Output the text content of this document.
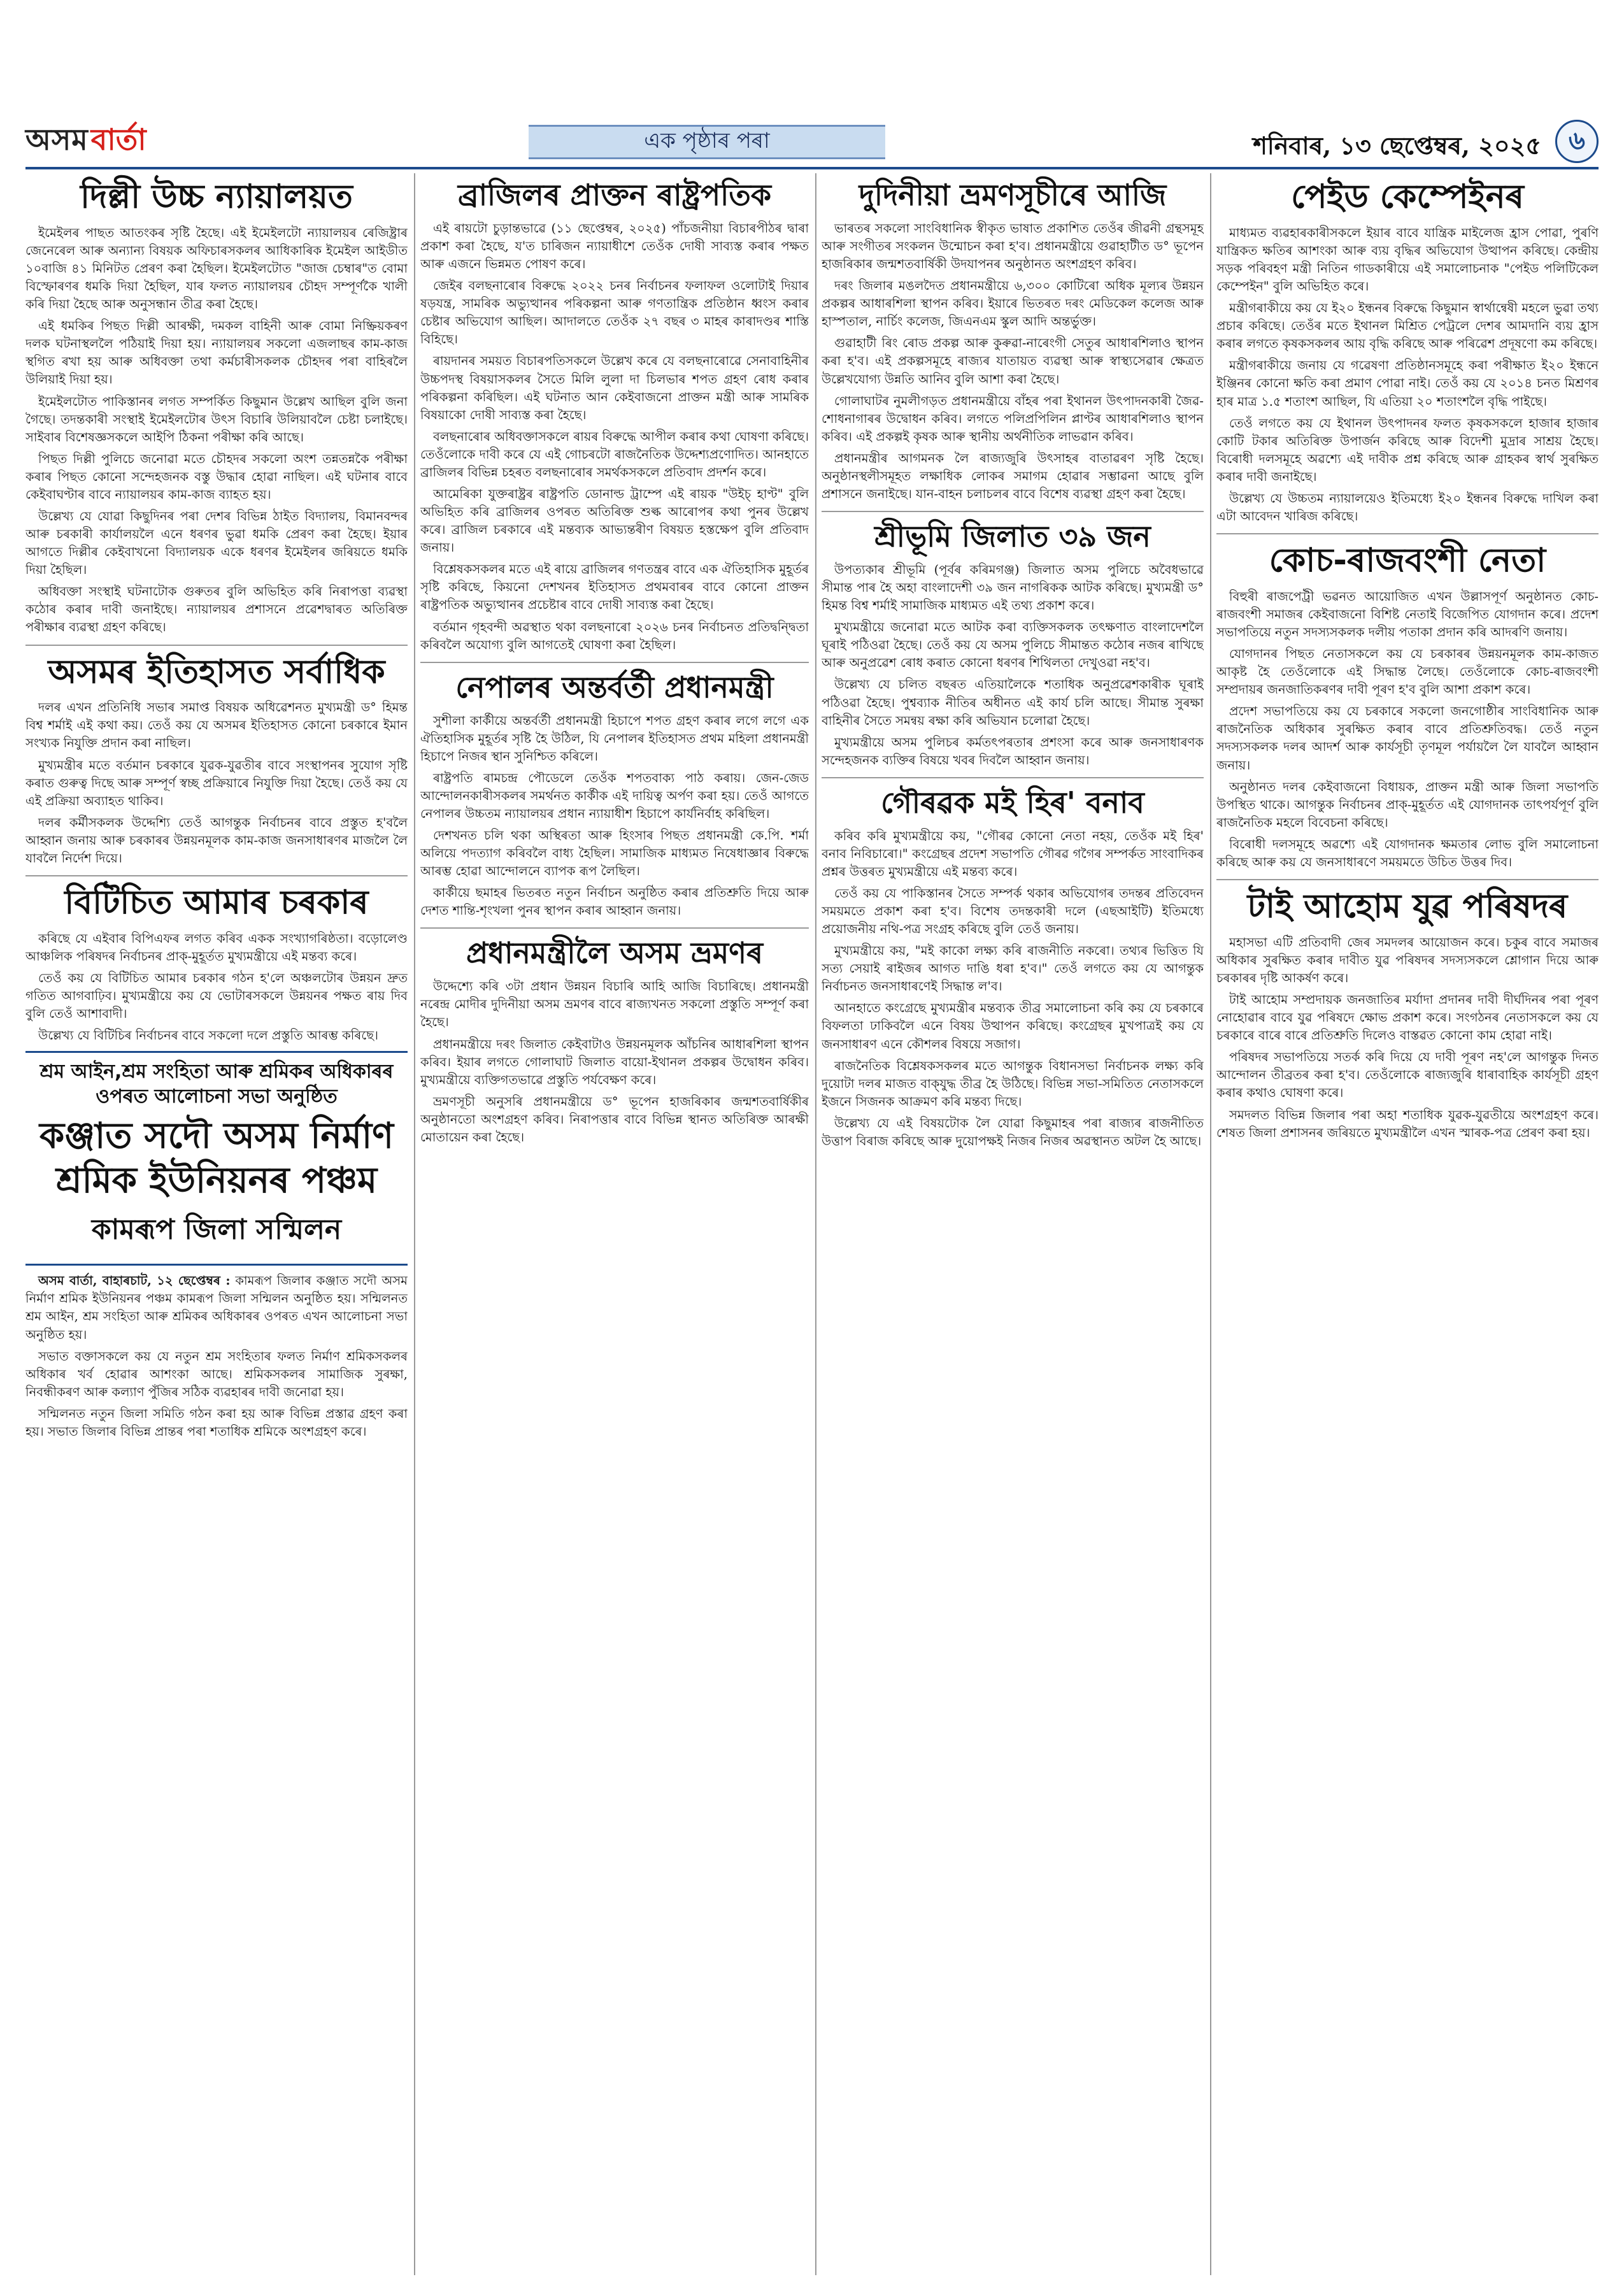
অসম বাৰ্তা	এক পৃষ্ঠাৰ পৰা	শনিবাৰ, ১৩ ছেপ্তেম্বৰ, ২০২৫	৬
দিল্লী উচ্চ ন্যায়ালয়ত

ইমেইলৰ পাছত আতংকৰ সৃষ্টি হৈছে। এই ইমেইলটো ন্যায়ালয়ৰ ৰেজিষ্ট্ৰাৰ জেনেৰেল আৰু অন্যান্য বিষয়ক অফিচাৰসকলৰ আধিকাৰিক ইমেইল আইডীত ১০বাজি ৪১ মিনিটত প্ৰেৰণ কৰা হৈছিল। ইমেইলটোত "জাজ চেম্বাৰ"ত বোমা বিস্ফোৰণৰ ধমকি দিয়া হৈছিল, যাৰ ফলত ন্যায়ালয়ৰ চৌহদ সম্পূৰ্ণকৈ খালী কৰি দিয়া হৈছে আৰু অনুসন্ধান তীব্ৰ কৰা হৈছে।

এই ধমকিৰ পিছত দিল্লী আৰক্ষী, দমকল বাহিনী আৰু বোমা নিষ্ক্ৰিয়কৰণ দলক ঘটনাস্থললৈ পঠিয়াই দিয়া হয়। ন্যায়ালয়ৰ সকলো এজলাছৰ কাম-কাজ স্থগিত ৰখা হয় আৰু অধিবক্তা তথা কৰ্মচাৰীসকলক চৌহদৰ পৰা বাহিৰলৈ উলিয়াই দিয়া হয়।

ইমেইলটোত পাকিস্তানৰ লগত সম্পৰ্কিত কিছুমান উল্লেখ আছিল বুলি জনা গৈছে। তদন্তকাৰী সংস্থাই ইমেইলটোৰ উৎস বিচাৰি উলিয়াবলৈ চেষ্টা চলাইছে। সাইবাৰ বিশেষজ্ঞসকলে আইপি ঠিকনা পৰীক্ষা কৰি আছে।

পিছত দিল্লী পুলিচে জনোৱা মতে চৌহদৰ সকলো অংশ তন্নতন্নকৈ পৰীক্ষা কৰাৰ পিছত কোনো সন্দেহজনক বস্তু উদ্ধাৰ হোৱা নাছিল। এই ঘটনাৰ বাবে কেইবাঘণ্টাৰ বাবে ন্যায়ালয়ৰ কাম-কাজ ব্যাহত হয়।

উল্লেখ্য যে যোৱা কিছুদিনৰ পৰা দেশৰ বিভিন্ন ঠাইত বিদ্যালয়, বিমানবন্দৰ আৰু চৰকাৰী কাৰ্যালয়লৈ এনে ধৰণৰ ভুৱা ধমকি প্ৰেৰণ কৰা হৈছে। ইয়াৰ আগতে দিল্লীৰ কেইবাখনো বিদ্যালয়ক একে ধৰণৰ ইমেইলৰ জৰিয়তে ধমকি দিয়া হৈছিল।

অধিবক্তা সংস্থাই ঘটনাটোক গুৰুতৰ বুলি অভিহিত কৰি নিৰাপত্তা ব্যৱস্থা কঠোৰ কৰাৰ দাবী জনাইছে। ন্যায়ালয়ৰ প্ৰশাসনে প্ৰৱেশদ্বাৰত অতিৰিক্ত পৰীক্ষাৰ ব্যৱস্থা গ্ৰহণ কৰিছে।

অসমৰ ইতিহাসত সৰ্বাধিক

দলৰ এখন প্ৰতিনিধি সভাৰ সমাপ্ত বিষয়ক অধিৱেশনত মুখ্যমন্ত্ৰী ড° হিমন্ত বিশ্ব শৰ্মাই এই কথা কয়। তেওঁ কয় যে অসমৰ ইতিহাসত কোনো চৰকাৰে ইমান সংখ্যক নিযুক্তি প্ৰদান কৰা নাছিল।

মুখ্যমন্ত্ৰীৰ মতে বৰ্তমান চৰকাৰে যুৱক-যুৱতীৰ বাবে সংস্থাপনৰ সুযোগ সৃষ্টি কৰাত গুৰুত্ব দিছে আৰু সম্পূৰ্ণ স্বচ্ছ প্ৰক্ৰিয়াৰে নিযুক্তি দিয়া হৈছে। তেওঁ কয় যে এই প্ৰক্ৰিয়া অব্যাহত থাকিব।

দলৰ কৰ্মীসকলক উদ্দেশ্যি তেওঁ আগন্তুক নিৰ্বাচনৰ বাবে প্ৰস্তুত হ'বলৈ আহ্বান জনায় আৰু চৰকাৰৰ উন্নয়নমূলক কাম-কাজ জনসাধাৰণৰ মাজলৈ লৈ যাবলৈ নিৰ্দেশ দিয়ে।

বিটিচিত আমাৰ চৰকাৰ

কৰিছে যে এইবাৰ বিপিএফৰ লগত কৰিব একক সংখ্যাগৰিষ্ঠতা। বড়োলেণ্ড আঞ্চলিক পৰিষদৰ নিৰ্বাচনৰ প্ৰাক্-মুহূৰ্তত মুখ্যমন্ত্ৰীয়ে এই মন্তব্য কৰে।

তেওঁ কয় যে বিটিচিত আমাৰ চৰকাৰ গঠন হ'লে অঞ্চলটোৰ উন্নয়ন দ্ৰুত গতিত আগবাঢ়িব। মুখ্যমন্ত্ৰীয়ে কয় যে ভোটাৰসকলে উন্নয়নৰ পক্ষত ৰায় দিব বুলি তেওঁ আশাবাদী।

উল্লেখ্য যে বিটিচিৰ নিৰ্বাচনৰ বাবে সকলো দলে প্ৰস্তুতি আৰম্ভ কৰিছে।

শ্ৰম আইন,শ্ৰম সংহিতা আৰু শ্ৰমিকৰ অধিকাৰৰ ওপৰত আলোচনা সভা অনুষ্ঠিত
কঞ্জাত সদৌ অসম নিৰ্মাণ শ্ৰমিক ইউনিয়নৰ পঞ্চম
কামৰূপ জিলা সন্মিলন

অসম বাৰ্তা, বাহাৰচাট, ১২ ছেপ্তেম্বৰ : কামৰূপ জিলাৰ কঞ্জাত সদৌ অসম নিৰ্মাণ শ্ৰমিক ইউনিয়নৰ পঞ্চম কামৰূপ জিলা সন্মিলন অনুষ্ঠিত হয়। সন্মিলনত শ্ৰম আইন, শ্ৰম সংহিতা আৰু শ্ৰমিকৰ অধিকাৰৰ ওপৰত এখন আলোচনা সভা অনুষ্ঠিত হয়।

সভাত বক্তাসকলে কয় যে নতুন শ্ৰম সংহিতাৰ ফলত নিৰ্মাণ শ্ৰমিকসকলৰ অধিকাৰ খৰ্ব হোৱাৰ আশংকা আছে। শ্ৰমিকসকলৰ সামাজিক সুৰক্ষা, নিবন্ধীকৰণ আৰু কল্যাণ পুঁজিৰ সঠিক ব্যৱহাৰৰ দাবী জনোৱা হয়।

সন্মিলনত নতুন জিলা সমিতি গঠন কৰা হয় আৰু বিভিন্ন প্ৰস্তাৱ গ্ৰহণ কৰা হয়। সভাত জিলাৰ বিভিন্ন প্ৰান্তৰ পৰা শতাধিক শ্ৰমিকে অংশগ্ৰহণ কৰে।

ব্ৰাজিলৰ প্ৰাক্তন ৰাষ্ট্ৰপতিক

এই ৰায়টো চুড়ান্তভাৱে (১১ ছেপ্তেম্বৰ, ২০২৫) পাঁচজনীয়া বিচাৰপীঠৰ দ্বাৰা প্ৰকাশ কৰা হৈছে, য'ত চাৰিজন ন্যায়াধীশে তেওঁক দোষী সাব্যস্ত কৰাৰ পক্ষত আৰু এজনে ভিন্নমত পোষণ কৰে।

জেইৰ বলছনাৰোৰ বিৰুদ্ধে ২০২২ চনৰ নিৰ্বাচনৰ ফলাফল ওলোটাই দিয়াৰ ষড়যন্ত্ৰ, সামৰিক অভ্যুত্থানৰ পৰিকল্পনা আৰু গণতান্ত্ৰিক প্ৰতিষ্ঠান ধ্বংস কৰাৰ চেষ্টাৰ অভিযোগ আছিল। আদালতে তেওঁক ২৭ বছৰ ৩ মাহৰ কাৰাদণ্ডৰ শাস্তি বিহিছে।

ৰায়দানৰ সময়ত বিচাৰপতিসকলে উল্লেখ কৰে যে বলছনাৰোৱে সেনাবাহিনীৰ উচ্চপদস্থ বিষয়াসকলৰ সৈতে মিলি লুলা দা চিলভাৰ শপত গ্ৰহণ ৰোধ কৰাৰ পৰিকল্পনা কৰিছিল। এই ঘটনাত আন কেইবাজনো প্ৰাক্তন মন্ত্ৰী আৰু সামৰিক বিষয়াকো দোষী সাব্যস্ত কৰা হৈছে।

বলছনাৰোৰ অধিবক্তাসকলে ৰায়ৰ বিৰুদ্ধে আপীল কৰাৰ কথা ঘোষণা কৰিছে। তেওঁলোকে দাবী কৰে যে এই গোচৰটো ৰাজনৈতিক উদ্দেশ্যপ্ৰণোদিত। আনহাতে ব্ৰাজিলৰ বিভিন্ন চহৰত বলছনাৰোৰ সমৰ্থকসকলে প্ৰতিবাদ প্ৰদৰ্শন কৰে।

আমেৰিকা যুক্তৰাষ্ট্ৰৰ ৰাষ্ট্ৰপতি ডোনাল্ড ট্ৰাম্পে এই ৰায়ক "উইচ্ হাণ্ট" বুলি অভিহিত কৰি ব্ৰাজিলৰ ওপৰত অতিৰিক্ত শুল্ক আৰোপৰ কথা পুনৰ উল্লেখ কৰে। ব্ৰাজিল চৰকাৰে এই মন্তব্যক আভ্যন্তৰীণ বিষয়ত হস্তক্ষেপ বুলি প্ৰতিবাদ জনায়।

বিশ্লেষকসকলৰ মতে এই ৰায়ে ব্ৰাজিলৰ গণতন্ত্ৰৰ বাবে এক ঐতিহাসিক মুহূৰ্তৰ সৃষ্টি কৰিছে, কিয়নো দেশখনৰ ইতিহাসত প্ৰথমবাৰৰ বাবে কোনো প্ৰাক্তন ৰাষ্ট্ৰপতিক অভ্যুত্থানৰ প্ৰচেষ্টাৰ বাবে দোষী সাব্যস্ত কৰা হৈছে।

বৰ্তমান গৃহবন্দী অৱস্থাত থকা বলছনাৰো ২০২৬ চনৰ নিৰ্বাচনত প্ৰতিদ্বন্দ্বিতা কৰিবলৈ অযোগ্য বুলি আগতেই ঘোষণা কৰা হৈছিল।

নেপালৰ অন্তৰ্বৰ্তী প্ৰধানমন্ত্ৰী

সুশীলা কাৰ্কীয়ে অন্তৰ্বৰ্তী প্ৰধানমন্ত্ৰী হিচাপে শপত গ্ৰহণ কৰাৰ লগে লগে এক ঐতিহাসিক মুহূৰ্তৰ সৃষ্টি হৈ উঠিল, যি নেপালৰ ইতিহাসত প্ৰথম মহিলা প্ৰধানমন্ত্ৰী হিচাপে নিজৰ স্থান সুনিশ্চিত কৰিলে।

ৰাষ্ট্ৰপতি ৰামচন্দ্ৰ পৌডেলে তেওঁক শপতবাক্য পাঠ কৰায়। জেন-জেড আন্দোলনকাৰীসকলৰ সমৰ্থনত কাৰ্কীক এই দায়িত্ব অৰ্পণ কৰা হয়। তেওঁ আগতে নেপালৰ উচ্চতম ন্যায়ালয়ৰ প্ৰধান ন্যায়াধীশ হিচাপে কাৰ্যনিৰ্বাহ কৰিছিল।

দেশখনত চলি থকা অস্থিৰতা আৰু হিংসাৰ পিছত প্ৰধানমন্ত্ৰী কে.পি. শৰ্মা অলিয়ে পদত্যাগ কৰিবলৈ বাধ্য হৈছিল। সামাজিক মাধ্যমত নিষেধাজ্ঞাৰ বিৰুদ্ধে আৰম্ভ হোৱা আন্দোলনে ব্যাপক ৰূপ লৈছিল।

কাৰ্কীয়ে ছমাহৰ ভিতৰত নতুন নিৰ্বাচন অনুষ্ঠিত কৰাৰ প্ৰতিশ্ৰুতি দিয়ে আৰু দেশত শান্তি-শৃংখলা পুনৰ স্থাপন কৰাৰ আহ্বান জনায়।

প্ৰধানমন্ত্ৰীলৈ অসম ভ্ৰমণৰ

উদ্দেশ্যে কৰি ৩টা প্ৰধান উন্নয়ন বিচাৰি আহি আজি বিচাৰিছে। প্ৰধানমন্ত্ৰী নৰেন্দ্ৰ মোদীৰ দুদিনীয়া অসম ভ্ৰমণৰ বাবে ৰাজ্যখনত সকলো প্ৰস্তুতি সম্পূৰ্ণ কৰা হৈছে।

প্ৰধানমন্ত্ৰীয়ে দৰং জিলাত কেইবাটাও উন্নয়নমূলক আঁচনিৰ আধাৰশিলা স্থাপন কৰিব। ইয়াৰ লগতে গোলাঘাট জিলাত বায়ো-ইথানল প্ৰকল্পৰ উদ্বোধন কৰিব। মুখ্যমন্ত্ৰীয়ে ব্যক্তিগতভাৱে প্ৰস্তুতি পৰ্যবেক্ষণ কৰে।

ভ্ৰমণসূচী অনুসৰি প্ৰধানমন্ত্ৰীয়ে ড° ভূপেন হাজৰিকাৰ জন্মশতবাৰ্ষিকীৰ অনুষ্ঠানতো অংশগ্ৰহণ কৰিব। নিৰাপত্তাৰ বাবে বিভিন্ন স্থানত অতিৰিক্ত আৰক্ষী মোতায়েন কৰা হৈছে।

দুদিনীয়া ভ্ৰমণসূচীৰে আজি

ভাৰতৰ সকলো সাংবিধানিক স্বীকৃত ভাষাত প্ৰকাশিত তেওঁৰ জীৱনী গ্ৰন্থসমূহ আৰু সংগীতৰ সংকলন উন্মোচন কৰা হ'ব। প্ৰধানমন্ত্ৰীয়ে গুৱাহাটীত ড° ভূপেন হাজৰিকাৰ জন্মশতবাৰ্ষিকী উদযাপনৰ অনুষ্ঠানত অংশগ্ৰহণ কৰিব।

দৰং জিলাৰ মঙলদৈত প্ৰধানমন্ত্ৰীয়ে ৬,৩০০ কোটিৰো অধিক মূল্যৰ উন্নয়ন প্ৰকল্পৰ আধাৰশিলা স্থাপন কৰিব। ইয়াৰে ভিতৰত দৰং মেডিকেল কলেজ আৰু হাস্পতাল, নাৰ্চিং কলেজ, জিএনএম স্কুল আদি অন্তৰ্ভুক্ত।

গুৱাহাটী ৰিং ৰোড প্ৰকল্প আৰু কুৰুৱা-নাৰেংগী সেতুৰ আধাৰশিলাও স্থাপন কৰা হ'ব। এই প্ৰকল্পসমূহে ৰাজ্যৰ যাতায়ত ব্যৱস্থা আৰু স্বাস্থ্যসেৱাৰ ক্ষেত্ৰত উল্লেখযোগ্য উন্নতি আনিব বুলি আশা কৰা হৈছে।

গোলাঘাটৰ নুমলীগড়ত প্ৰধানমন্ত্ৰীয়ে বাঁহৰ পৰা ইথানল উৎপাদনকাৰী জৈৱ-শোধনাগাৰৰ উদ্বোধন কৰিব। লগতে পলিপ্ৰপিলিন প্লাণ্টৰ আধাৰশিলাও স্থাপন কৰিব। এই প্ৰকল্পই কৃষক আৰু স্থানীয় অৰ্থনীতিক লাভৱান কৰিব।

প্ৰধানমন্ত্ৰীৰ আগমনক লৈ ৰাজ্যজুৰি উৎসাহৰ বাতাৱৰণ সৃষ্টি হৈছে। অনুষ্ঠানস্থলীসমূহত লক্ষাধিক লোকৰ সমাগম হোৱাৰ সম্ভাৱনা আছে বুলি প্ৰশাসনে জনাইছে। যান-বাহন চলাচলৰ বাবে বিশেষ ব্যৱস্থা গ্ৰহণ কৰা হৈছে।

শ্ৰীভূমি জিলাত ৩৯ জন

উপত্যকাৰ শ্ৰীভূমি (পূৰ্বৰ কৰিমগঞ্জ) জিলাত অসম পুলিচে অবৈধভাৱে সীমান্ত পাৰ হৈ অহা বাংলাদেশী ৩৯ জন নাগৰিকক আটক কৰিছে। মুখ্যমন্ত্ৰী ড° হিমন্ত বিশ্ব শৰ্মাই সামাজিক মাধ্যমত এই তথ্য প্ৰকাশ কৰে।

মুখ্যমন্ত্ৰীয়ে জনোৱা মতে আটক কৰা ব্যক্তিসকলক তৎক্ষণাত বাংলাদেশলৈ ঘূৰাই পঠিওৱা হৈছে। তেওঁ কয় যে অসম পুলিচে সীমান্তত কঠোৰ নজৰ ৰাখিছে আৰু অনুপ্ৰৱেশ ৰোধ কৰাত কোনো ধৰণৰ শিথিলতা দেখুওৱা নহ'ব।

উল্লেখ্য যে চলিত বছৰত এতিয়ালৈকে শতাধিক অনুপ্ৰৱেশকাৰীক ঘূৰাই পঠিওৱা হৈছে। পুশ্বব্যাক নীতিৰ অধীনত এই কাৰ্য চলি আছে। সীমান্ত সুৰক্ষা বাহিনীৰ সৈতে সমন্বয় ৰক্ষা কৰি অভিযান চলোৱা হৈছে।

মুখ্যমন্ত্ৰীয়ে অসম পুলিচৰ কৰ্মতৎপৰতাৰ প্ৰশংসা কৰে আৰু জনসাধাৰণক সন্দেহজনক ব্যক্তিৰ বিষয়ে খবৰ দিবলৈ আহ্বান জনায়।

গৌৰৱক মই হিৰ' বনাব

কৰিব কৰি মুখ্যমন্ত্ৰীয়ে কয়, "গৌৰৱ কোনো নেতা নহয়, তেওঁক মই হিৰ' বনাব নিবিচাৰো।" কংগ্ৰেছৰ প্ৰদেশ সভাপতি গৌৰৱ গগৈৰ সম্পৰ্কত সাংবাদিকৰ প্ৰশ্নৰ উত্তৰত মুখ্যমন্ত্ৰীয়ে এই মন্তব্য কৰে।

তেওঁ কয় যে পাকিস্তানৰ সৈতে সম্পৰ্ক থকাৰ অভিযোগৰ তদন্তৰ প্ৰতিবেদন সময়মতে প্ৰকাশ কৰা হ'ব। বিশেষ তদন্তকাৰী দলে (এছআইটি) ইতিমধ্যে প্ৰয়োজনীয় নথি-পত্ৰ সংগ্ৰহ কৰিছে বুলি তেওঁ জনায়।

মুখ্যমন্ত্ৰীয়ে কয়, "মই কাকো লক্ষ্য কৰি ৰাজনীতি নকৰো। তথ্যৰ ভিত্তিত যি সত্য সেয়াই ৰাইজৰ আগত দাঙি ধৰা হ'ব।" তেওঁ লগতে কয় যে আগন্তুক নিৰ্বাচনত জনসাধাৰণেই সিদ্ধান্ত ল'ব।

আনহাতে কংগ্ৰেছে মুখ্যমন্ত্ৰীৰ মন্তব্যক তীব্ৰ সমালোচনা কৰি কয় যে চৰকাৰে বিফলতা ঢাকিবলৈ এনে বিষয় উত্থাপন কৰিছে। কংগ্ৰেছৰ মুখপাত্ৰই কয় যে জনসাধাৰণ এনে কৌশলৰ বিষয়ে সজাগ।

ৰাজনৈতিক বিশ্লেষকসকলৰ মতে আগন্তুক বিধানসভা নিৰ্বাচনক লক্ষ্য কৰি দুয়োটা দলৰ মাজত বাক্‌যুদ্ধ তীব্ৰ হৈ উঠিছে। বিভিন্ন সভা-সমিতিত নেতাসকলে ইজনে সিজনক আক্ৰমণ কৰি মন্তব্য দিছে।

উল্লেখ্য যে এই বিষয়টোক লৈ যোৱা কিছুমাহৰ পৰা ৰাজ্যৰ ৰাজনীতিত উত্তাপ বিৰাজ কৰিছে আৰু দুয়োপক্ষই নিজৰ নিজৰ অৱস্থানত অটল হৈ আছে।

পেইড কেম্পেইনৰ

মাধ্যমত ব্যৱহাৰকাৰীসকলে ইয়াৰ বাবে যান্ত্ৰিক মাইলেজ হ্ৰাস পোৱা, পুৰণি যান্ত্ৰিকত ক্ষতিৰ আশংকা আৰু ব্যয় বৃদ্ধিৰ অভিযোগ উত্থাপন কৰিছে। কেন্দ্ৰীয় সড়ক পৰিবহণ মন্ত্ৰী নিতিন গাডকাৰীয়ে এই সমালোচনাক "পেইড পলিটিকেল কেম্পেইন" বুলি অভিহিত কৰে।

মন্ত্ৰীগৰাকীয়ে কয় যে ই২০ ইন্ধনৰ বিৰুদ্ধে কিছুমান স্বাৰ্থান্বেষী মহলে ভুৱা তথ্য প্ৰচাৰ কৰিছে। তেওঁৰ মতে ইথানল মিশ্ৰিত পেট্ৰলে দেশৰ আমদানি ব্যয় হ্ৰাস কৰাৰ লগতে কৃষকসকলৰ আয় বৃদ্ধি কৰিছে আৰু পৰিৱেশ প্ৰদূষণো কম কৰিছে।

মন্ত্ৰীগৰাকীয়ে জনায় যে গৱেষণা প্ৰতিষ্ঠানসমূহে কৰা পৰীক্ষাত ই২০ ইন্ধনে ইঞ্জিনৰ কোনো ক্ষতি কৰা প্ৰমাণ পোৱা নাই। তেওঁ কয় যে ২০১৪ চনত মিশ্ৰণৰ হাৰ মাত্ৰ ১.৫ শতাংশ আছিল, যি এতিয়া ২০ শতাংশলৈ বৃদ্ধি পাইছে।

তেওঁ লগতে কয় যে ইথানল উৎপাদনৰ ফলত কৃষকসকলে হাজাৰ হাজাৰ কোটি টকাৰ অতিৰিক্ত উপাৰ্জন কৰিছে আৰু বিদেশী মুদ্ৰাৰ সাশ্ৰয় হৈছে। বিৰোধী দলসমূহে অৱশ্যে এই দাবীক প্ৰশ্ন কৰিছে আৰু গ্ৰাহকৰ স্বাৰ্থ সুৰক্ষিত কৰাৰ দাবী জনাইছে।

উল্লেখ্য যে উচ্চতম ন্যায়ালয়েও ইতিমধ্যে ই২০ ইন্ধনৰ বিৰুদ্ধে দাখিল কৰা এটা আবেদন খাৰিজ কৰিছে।

কোচ-ৰাজবংশী নেতা

বিহুৰী ৰাজপেট্ৰী ভৱনত আয়োজিত এখন উল্লাসপূৰ্ণ অনুষ্ঠানত কোচ-ৰাজবংশী সমাজৰ কেইবাজনো বিশিষ্ট নেতাই বিজেপিত যোগদান কৰে। প্ৰদেশ সভাপতিয়ে নতুন সদস্যসকলক দলীয় পতাকা প্ৰদান কৰি আদৰণি জনায়।

যোগদানৰ পিছত নেতাসকলে কয় যে চৰকাৰৰ উন্নয়নমূলক কাম-কাজত আকৃষ্ট হৈ তেওঁলোকে এই সিদ্ধান্ত লৈছে। তেওঁলোকে কোচ-ৰাজবংশী সম্প্ৰদায়ৰ জনজাতিকৰণৰ দাবী পূৰণ হ'ব বুলি আশা প্ৰকাশ কৰে।

প্ৰদেশ সভাপতিয়ে কয় যে চৰকাৰে সকলো জনগোষ্ঠীৰ সাংবিধানিক আৰু ৰাজনৈতিক অধিকাৰ সুৰক্ষিত কৰাৰ বাবে প্ৰতিশ্ৰুতিবদ্ধ। তেওঁ নতুন সদস্যসকলক দলৰ আদৰ্শ আৰু কাৰ্যসূচী তৃণমূল পৰ্যায়লৈ লৈ যাবলৈ আহ্বান জনায়।

অনুষ্ঠানত দলৰ কেইবাজনো বিধায়ক, প্ৰাক্তন মন্ত্ৰী আৰু জিলা সভাপতি উপস্থিত থাকে। আগন্তুক নিৰ্বাচনৰ প্ৰাক্-মুহূৰ্তত এই যোগদানক তাৎপৰ্যপূৰ্ণ বুলি ৰাজনৈতিক মহলে বিবেচনা কৰিছে।

বিৰোধী দলসমূহে অৱশ্যে এই যোগদানক ক্ষমতাৰ লোভ বুলি সমালোচনা কৰিছে আৰু কয় যে জনসাধাৰণে সময়মতে উচিত উত্তৰ দিব।

টাই আহোম যুৱ পৰিষদৰ

মহাসভা এটি প্ৰতিবাদী জেৰ সমদলৰ আয়োজন কৰে। চকুৰ বাবে সমাজৰ অধিকাৰ সুৰক্ষিত কৰাৰ দাবীত যুৱ পৰিষদৰ সদস্যসকলে শ্লোগান দিয়ে আৰু চৰকাৰৰ দৃষ্টি আকৰ্ষণ কৰে।

টাই আহোম সম্প্ৰদায়ক জনজাতিৰ মৰ্যাদা প্ৰদানৰ দাবী দীৰ্ঘদিনৰ পৰা পূৰণ নোহোৱাৰ বাবে যুৱ পৰিষদে ক্ষোভ প্ৰকাশ কৰে। সংগঠনৰ নেতাসকলে কয় যে চৰকাৰে বাৰে বাৰে প্ৰতিশ্ৰুতি দিলেও বাস্তৱত কোনো কাম হোৱা নাই।

পৰিষদৰ সভাপতিয়ে সতৰ্ক কৰি দিয়ে যে দাবী পূৰণ নহ'লে আগন্তুক দিনত আন্দোলন তীব্ৰতৰ কৰা হ'ব। তেওঁলোকে ৰাজ্যজুৰি ধাৰাবাহিক কাৰ্যসূচী গ্ৰহণ কৰাৰ কথাও ঘোষণা কৰে।

সমদলত বিভিন্ন জিলাৰ পৰা অহা শতাধিক যুৱক-যুৱতীয়ে অংশগ্ৰহণ কৰে। শেষত জিলা প্ৰশাসনৰ জৰিয়তে মুখ্যমন্ত্ৰীলৈ এখন স্মাৰক-পত্ৰ প্ৰেৰণ কৰা হয়।
